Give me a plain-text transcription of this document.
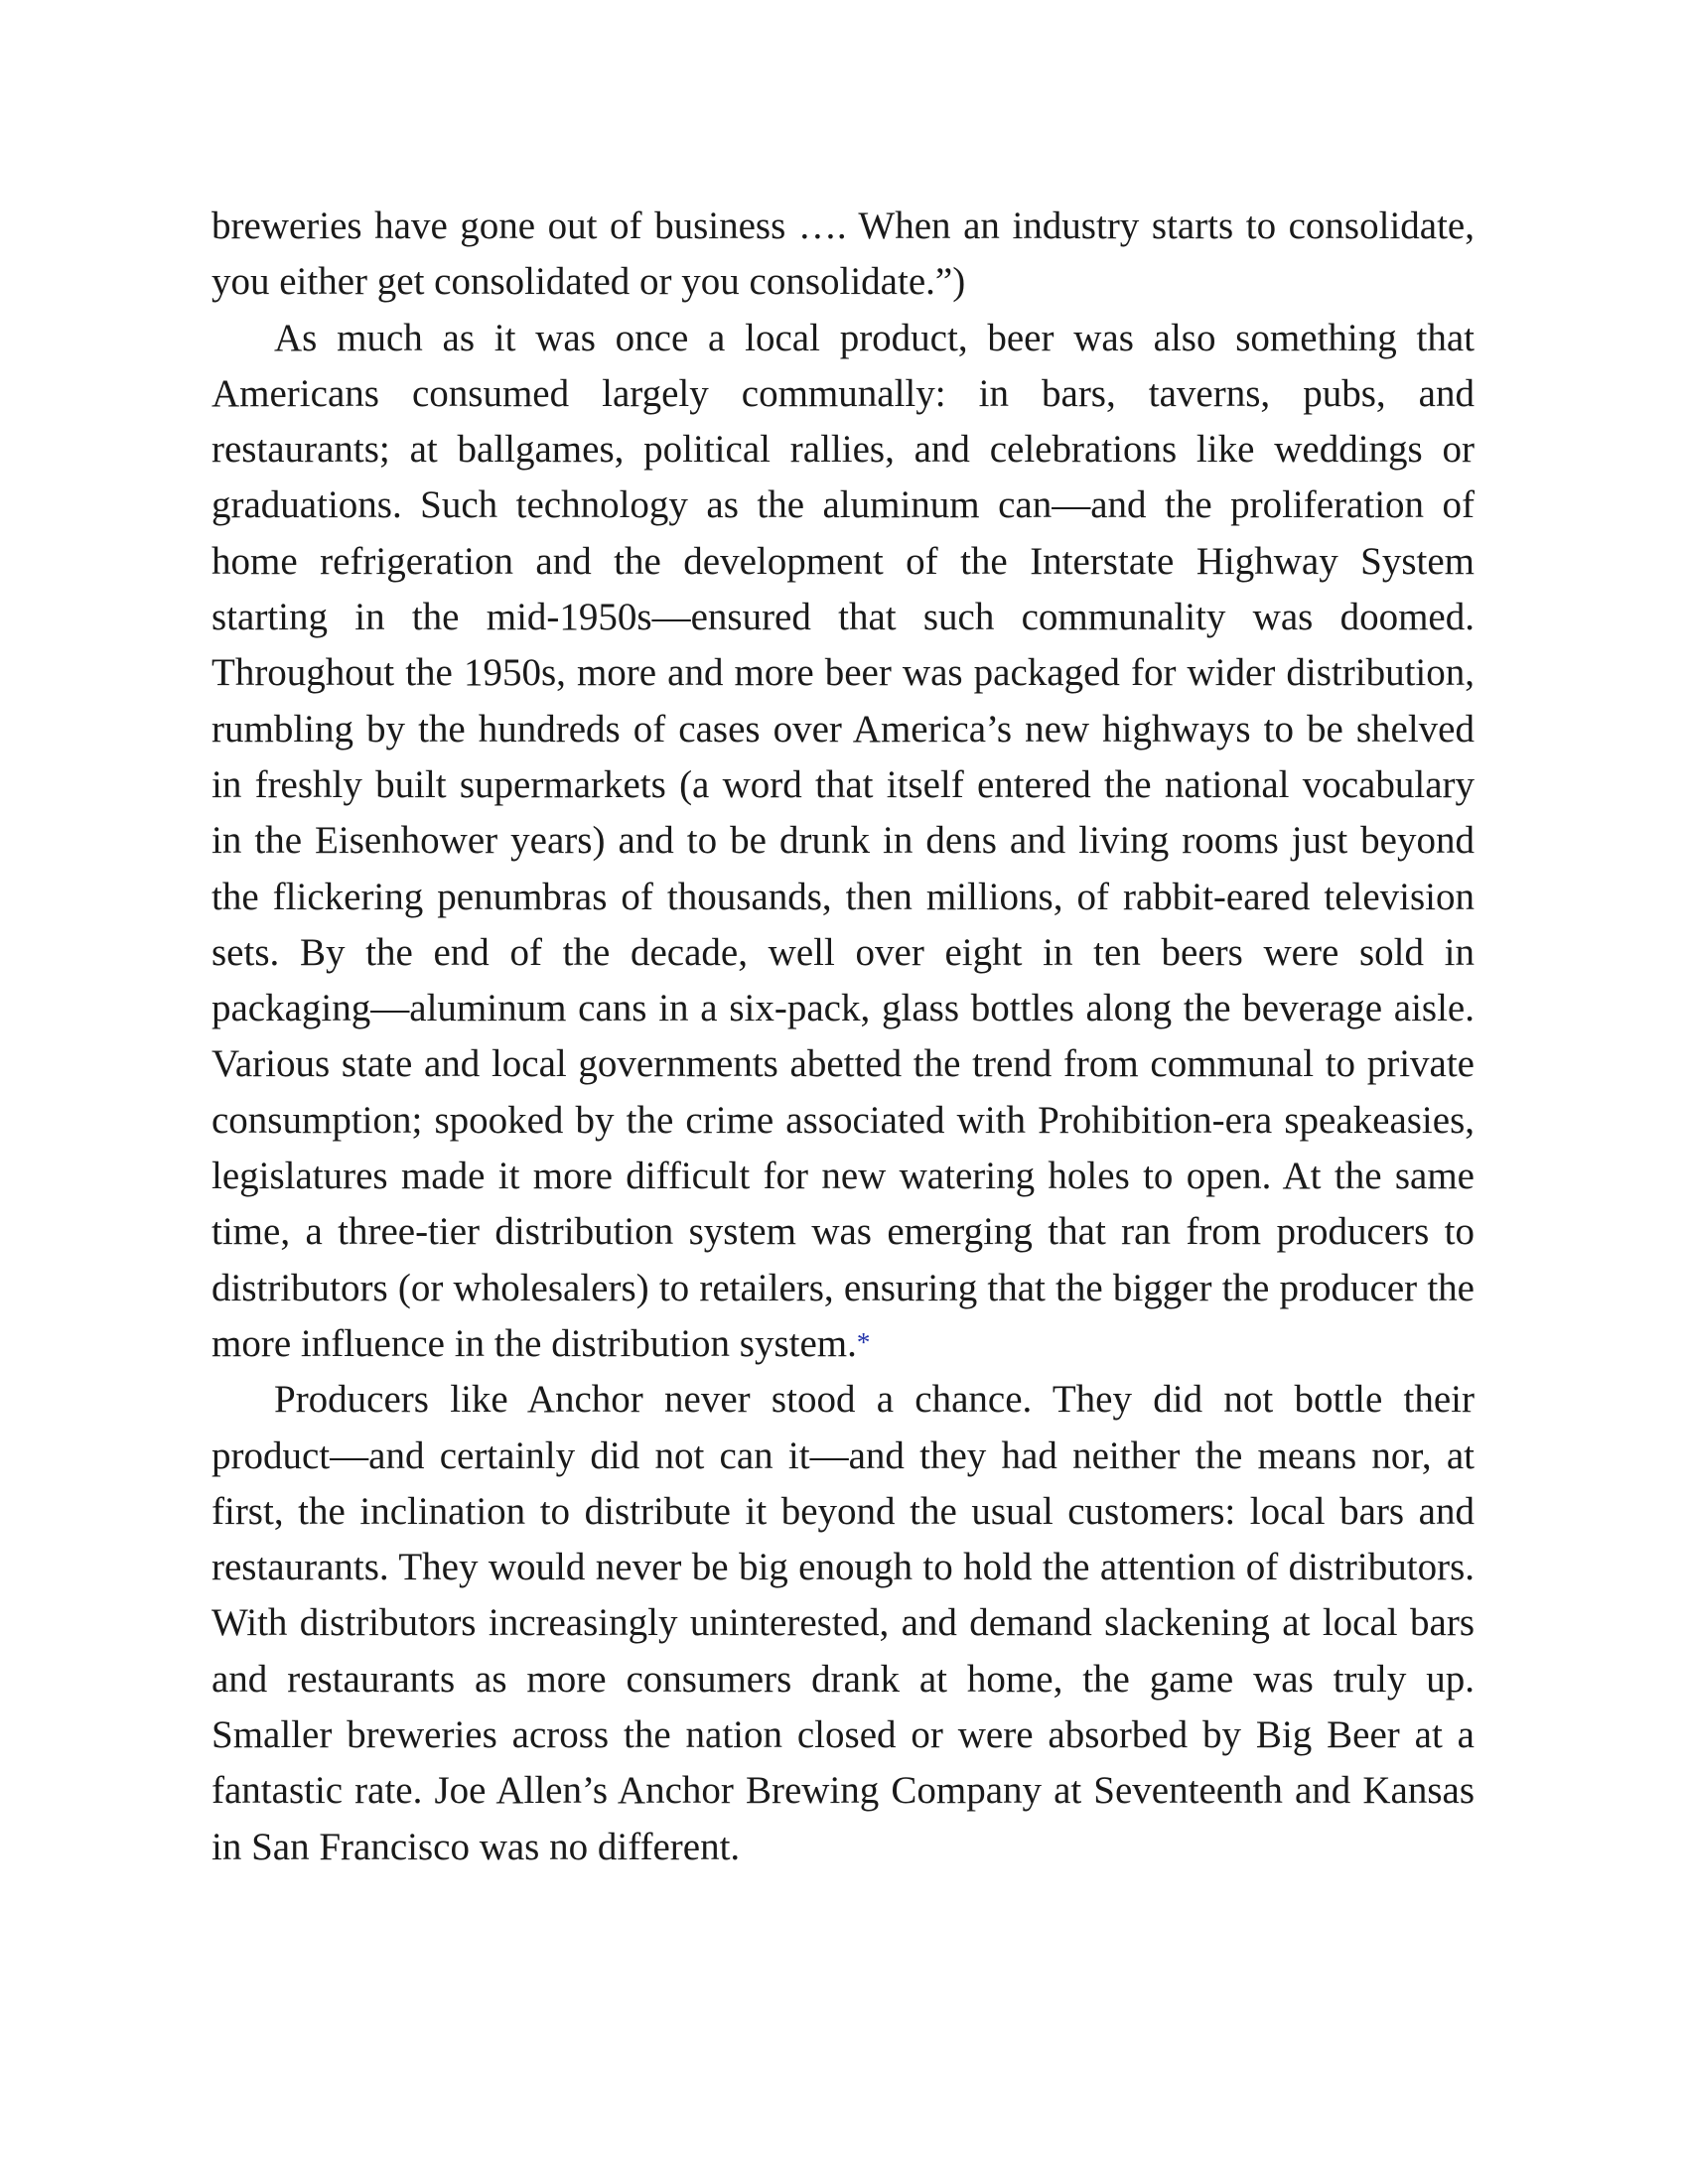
breweries have gone out of business …. When an industry starts to consolidate, you either get consolidated or you consolidate.”)

As much as it was once a local product, beer was also something that Americans consumed largely communally: in bars, taverns, pubs, and restaurants; at ballgames, political rallies, and celebrations like weddings or graduations. Such technology as the aluminum can—and the proliferation of home refrigeration and the development of the Interstate Highway System starting in the mid-1950s—ensured that such communality was doomed. Throughout the 1950s, more and more beer was packaged for wider distribution, rumbling by the hundreds of cases over America’s new highways to be shelved in freshly built supermarkets (a word that itself entered the national vocabulary in the Eisenhower years) and to be drunk in dens and living rooms just beyond the flickering penumbras of thousands, then millions, of rabbit-eared television sets. By the end of the decade, well over eight in ten beers were sold in packaging—aluminum cans in a six-pack, glass bottles along the beverage aisle. Various state and local governments abetted the trend from communal to private consumption; spooked by the crime associated with Prohibition-era speakeasies, legislatures made it more difficult for new watering holes to open. At the same time, a three-tier distribution system was emerging that ran from producers to distributors (or wholesalers) to retailers, ensuring that the bigger the producer the more influence in the distribution system.*

Producers like Anchor never stood a chance. They did not bottle their product—and certainly did not can it—and they had neither the means nor, at first, the inclination to distribute it beyond the usual customers: local bars and restaurants. They would never be big enough to hold the attention of distributors. With distributors increasingly uninterested, and demand slackening at local bars and restaurants as more consumers drank at home, the game was truly up. Smaller breweries across the nation closed or were absorbed by Big Beer at a fantastic rate. Joe Allen’s Anchor Brewing Company at Seventeenth and Kansas in San Francisco was no different.
